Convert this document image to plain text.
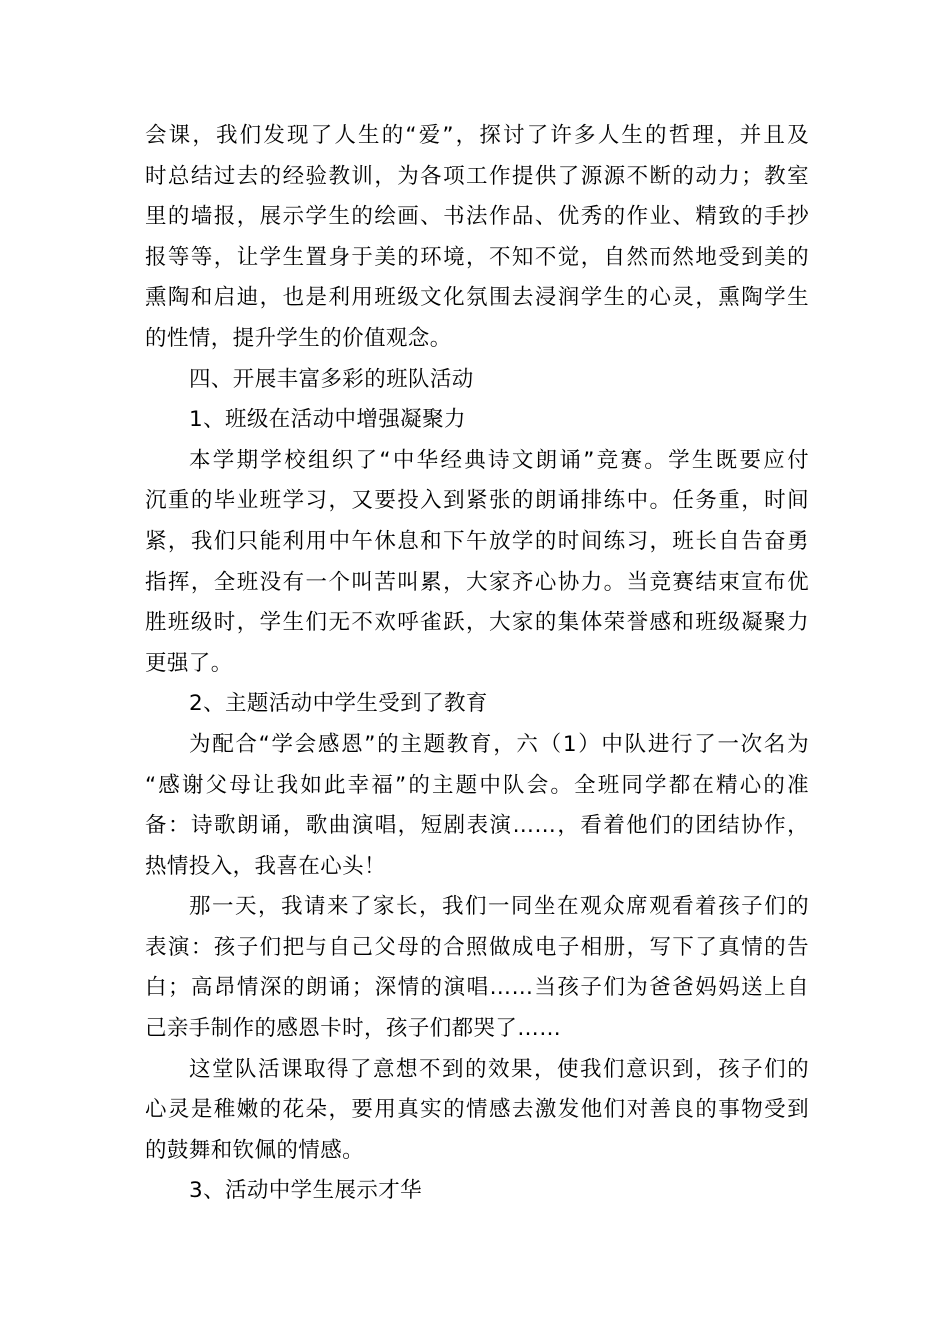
会课，我们发现了人生的“爱”，探讨了许多人生的哲理，并且及
时总结过去的经验教训，为各项工作提供了源源不断的动力；教室
里的墙报，展示学生的绘画、书法作品、优秀的作业、精致的手抄
报等等，让学生置身于美的环境，不知不觉，自然而然地受到美的
熏陶和启迪，也是利用班级文化氛围去浸润学生的心灵，熏陶学生
的性情，提升学生的价值观念。
四、开展丰富多彩的班队活动
1、班级在活动中增强凝聚力
本学期学校组织了“中华经典诗文朗诵”竞赛。学生既要应付
沉重的毕业班学习，又要投入到紧张的朗诵排练中。任务重，时间
紧，我们只能利用中午休息和下午放学的时间练习，班长自告奋勇
指挥，全班没有一个叫苦叫累，大家齐心协力。当竞赛结束宣布优
胜班级时，学生们无不欢呼雀跃，大家的集体荣誉感和班级凝聚力
更强了。
2、主题活动中学生受到了教育
为配合“学会感恩”的主题教育，六（1）中队进行了一次名为
“感谢父母让我如此幸福”的主题中队会。全班同学都在精心的准
备：诗歌朗诵，歌曲演唱，短剧表演……，看着他们的团结协作，
热情投入，我喜在心头！
那一天，我请来了家长，我们一同坐在观众席观看着孩子们的
表演：孩子们把与自己父母的合照做成电子相册，写下了真情的告
白；高昂情深的朗诵；深情的演唱……当孩子们为爸爸妈妈送上自
己亲手制作的感恩卡时，孩子们都哭了……
这堂队活课取得了意想不到的效果，使我们意识到，孩子们的
心灵是稚嫩的花朵，要用真实的情感去激发他们对善良的事物受到
的鼓舞和钦佩的情感。
3、活动中学生展示才华
